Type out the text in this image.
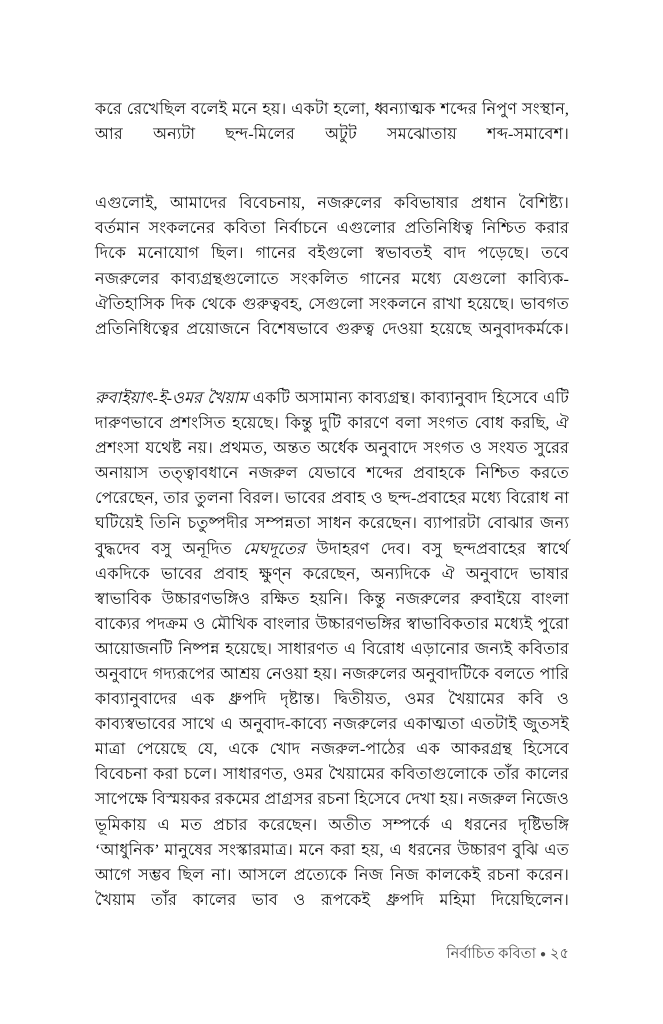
করে রেখেছিল বলেই মনে হয়। একটা হলো, ধ্বন্যাত্মক শব্দের নিপুণ সংস্থান, আর অন্যটা ছন্দ-মিলের অটুট সমঝোতায় শব্দ-সমাবেশ।

এগুলোই, আমাদের বিবেচনায়, নজরুলের কবিভাষার প্রধান বৈশিষ্ট্য। বর্তমান সংকলনের কবিতা নির্বাচনে এগুলোর প্রতিনিধিত্ব নিশ্চিত করার দিকে মনোযোগ ছিল। গানের বইগুলো স্বভাবতই বাদ পড়েছে। তবে নজরুলের কাব্যগ্রন্থগুলোতে সংকলিত গানের মধ্যে যেগুলো কাব্যিক-ঐতিহাসিক দিক থেকে গুরুত্ববহ, সেগুলো সংকলনে রাখা হয়েছে। ভাবগত প্রতিনিধিত্বের প্রয়োজনে বিশেষভাবে গুরুত্ব দেওয়া হয়েছে অনুবাদকর্মকে।

রুবাইয়াৎ-ই-ওমর খৈয়াম একটি অসামান্য কাব্যগ্রন্থ। কাব্যানুবাদ হিসেবে এটি দারুণভাবে প্রশংসিত হয়েছে। কিন্তু দুটি কারণে বলা সংগত বোধ করছি, ঐ প্রশংসা যথেষ্ট নয়। প্রথমত, অন্তত অর্ধেক অনুবাদে সংগত ও সংযত সুরের অনায়াস তত্ত্বাবধানে নজরুল যেভাবে শব্দের প্রবাহকে নিশ্চিত করতে পেরেছেন, তার তুলনা বিরল। ভাবের প্রবাহ ও ছন্দ-প্রবাহের মধ্যে বিরোধ না ঘটিয়েই তিনি চতুষ্পদীর সম্পন্নতা সাধন করেছেন। ব্যাপারটা বোঝার জন্য বুদ্ধদেব বসু অনূদিত মেঘদূতের উদাহরণ দেব। বসু ছন্দপ্রবাহের স্বার্থে একদিকে ভাবের প্রবাহ ক্ষুণ্ন করেছেন, অন্যদিকে ঐ অনুবাদে ভাষার স্বাভাবিক উচ্চারণভঙ্গিও রক্ষিত হয়নি। কিন্তু নজরুলের রুবাইয়ে বাংলা বাক্যের পদক্রম ও মৌখিক বাংলার উচ্চারণভঙ্গির স্বাভাবিকতার মধ্যেই পুরো আয়োজনটি নিষ্পন্ন হয়েছে। সাধারণত এ বিরোধ এড়ানোর জন্যই কবিতার অনুবাদে গদ্যরূপের আশ্রয় নেওয়া হয়। নজরুলের অনুবাদটিকে বলতে পারি কাব্যানুবাদের এক ধ্রুপদি দৃষ্টান্ত। দ্বিতীয়ত, ওমর খৈয়ামের কবি ও কাব্যস্বভাবের সাথে এ অনুবাদ-কাব্যে নজরুলের একাত্মতা এতটাই জুতসই মাত্রা পেয়েছে যে, একে খোদ নজরুল-পাঠের এক আকরগ্রন্থ হিসেবে বিবেচনা করা চলে। সাধারণত, ওমর খৈয়ামের কবিতাগুলোকে তাঁর কালের সাপেক্ষে বিস্ময়কর রকমের প্রাগ্রসর রচনা হিসেবে দেখা হয়। নজরুল নিজেও ভূমিকায় এ মত প্রচার করেছেন। অতীত সম্পর্কে এ ধরনের দৃষ্টিভঙ্গি ‘আধুনিক’ মানুষের সংস্কারমাত্র। মনে করা হয়, এ ধরনের উচ্চারণ বুঝি এত আগে সম্ভব ছিল না। আসলে প্রত্যেকে নিজ নিজ কালকেই রচনা করেন। খৈয়াম তাঁর কালের ভাব ও রূপকেই ধ্রুপদি মহিমা দিয়েছিলেন।

নির্বাচিত কবিতা ● ২৫
